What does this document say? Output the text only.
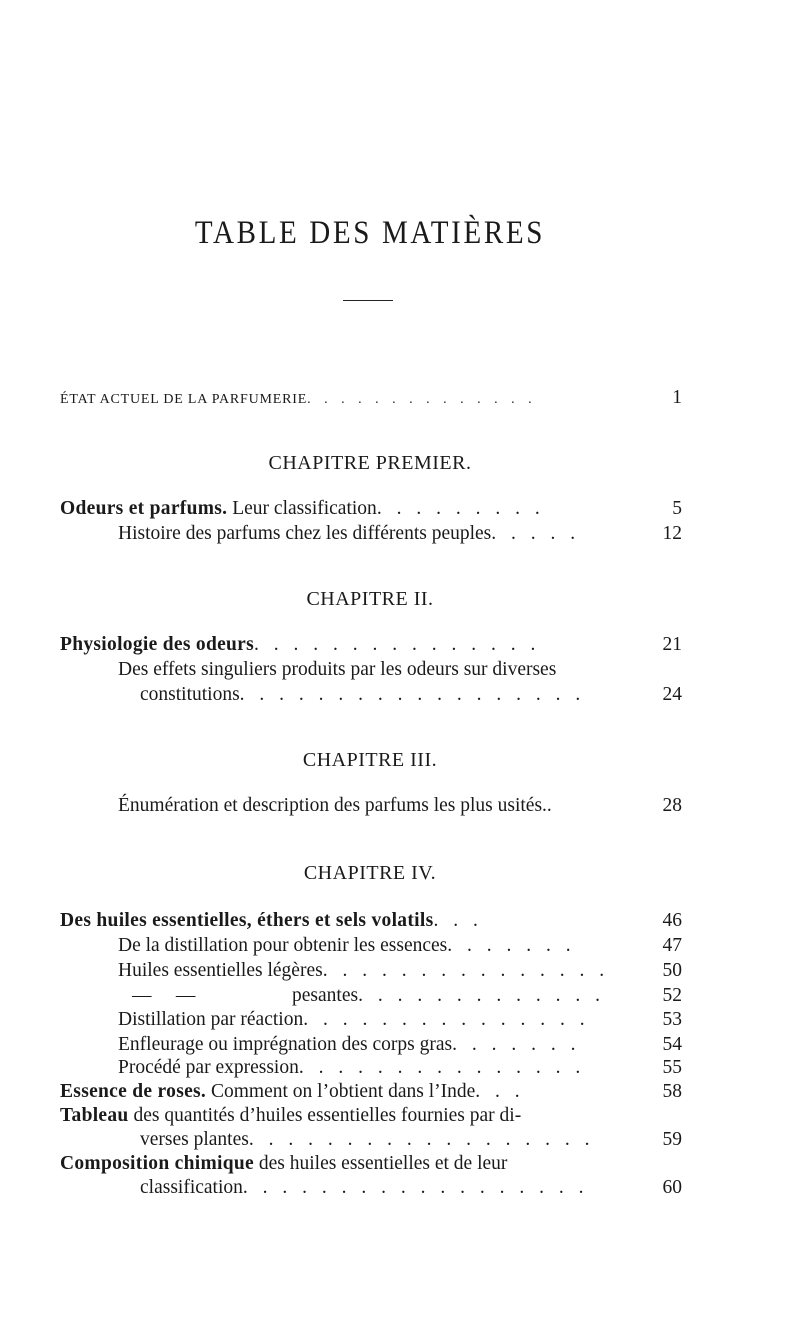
TABLE DES MATIÈRES
ÉTAT ACTUEL DE LA PARFUMERIE. . . . . . . . . . . . . .	1
CHAPITRE PREMIER.
Odeurs et parfums. Leur classification. . . . . . . . .	5
Histoire des parfums chez les différents peuples. . . . .	12
CHAPITRE II.
Physiologie des odeurs. . . . . . . . . . . . . . .	21
Des effets singuliers produits par les odeurs sur diverses
constitutions. . . . . . . . . . . . . . . . . .	24
CHAPITRE III.
Énumération et description des parfums les plus usités..	28
CHAPITRE IV.
Des huiles essentielles, éthers et sels volatils. . .	46
De la distillation pour obtenir les essences. . . . . . .	47
Huiles essentielles légères. . . . . . . . . . . . . . .	50
—     —	pesantes. . . . . . . . . . . . .	52
Distillation par réaction. . . . . . . . . . . . . . .	53
Enfleurage ou imprégnation des corps gras. . . . . . .	54
Procédé par expression. . . . . . . . . . . . . . .	55
Essence de roses. Comment on l’obtient dans l’Inde. . .	58
Tableau des quantités d’huiles essentielles fournies par di-
verses plantes. . . . . . . . . . . . . . . . . .	59
Composition chimique des huiles essentielles et de leur
classification. . . . . . . . . . . . . . . . . .	60
